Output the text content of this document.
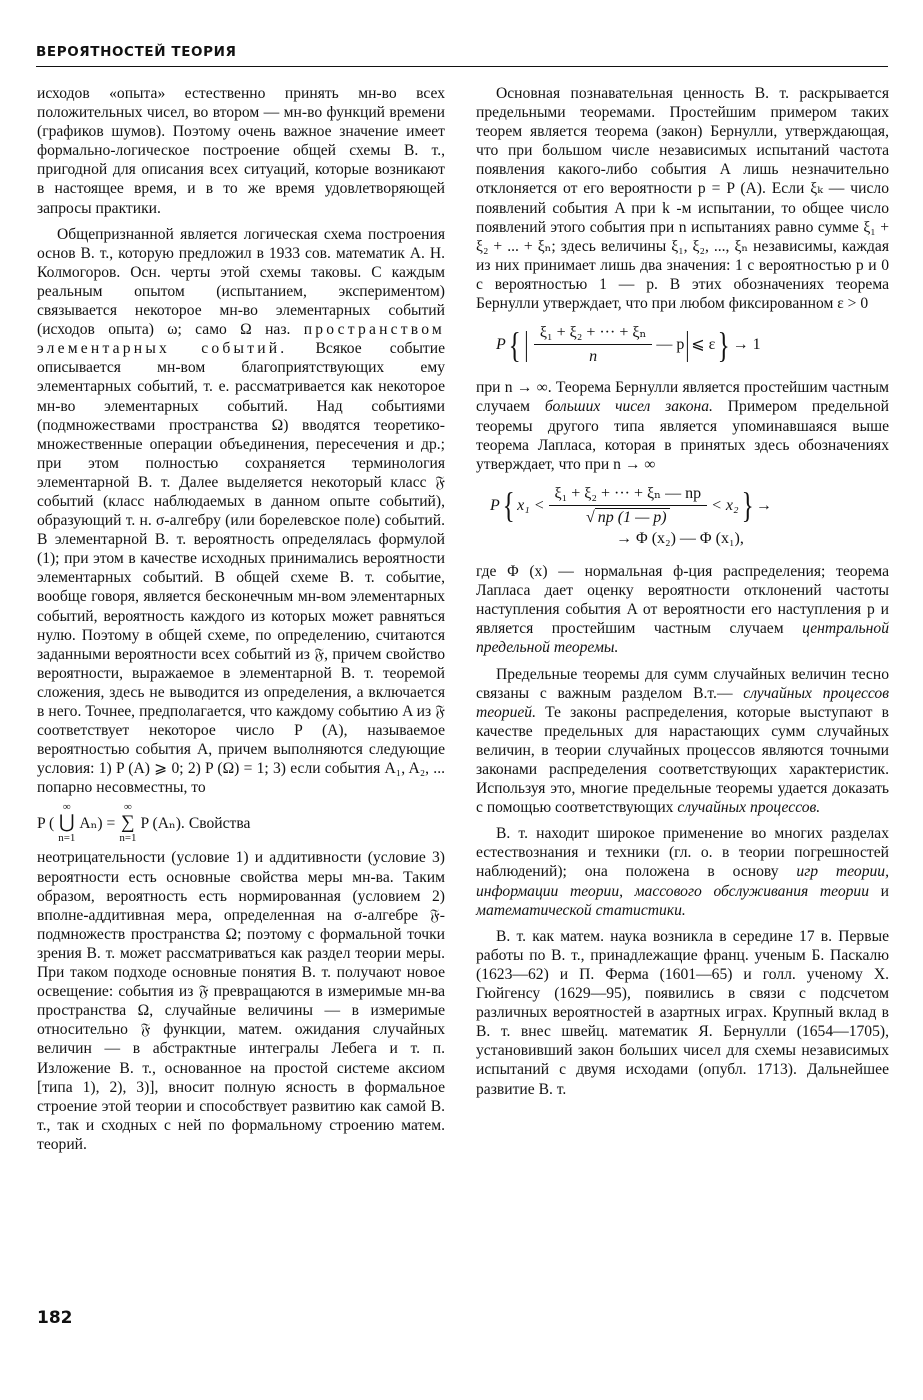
ВЕРОЯТНОСТЕЙ ТЕОРИЯ

исходов «опыта» естественно принять мн-во всех положительных чисел, во втором — мн-во функций времени (графиков шумов). Поэтому очень важное значение имеет формально-логическое построение общей схемы В. т., пригодной для описания всех ситуаций, которые возникают в настоящее время, и в то же время удовлетворяющей запросы практики.

Общепризнанной является логическая схема построения основ В. т., которую предложил в 1933 сов. математик А. Н. Колмогоров. Осн. черты этой схемы таковы. С каждым реальным опытом (испытанием, экспериментом) связывается некоторое мн-во элементарных событий (исходов опыта) ω; само Ω наз. пространством элементарных событий. Всякое событие описывается мн-вом благоприятствующих ему элементарных событий, т. е. рассматривается как некоторое мн-во элементарных событий. Над событиями (подмножествами пространства Ω) вводятся теоретико-множественные операции объединения, пересечения и др.; при этом полностью сохраняется терминология элементарной В. т. Далее выделяется некоторый класс 𝔉 событий (класс наблюдаемых в данном опыте событий), образующий т. н. σ-алгебру (или борелевское поле) событий. В элементарной В. т. вероятность определялась формулой (1); при этом в качестве исходных принимались вероятности элементарных событий. В общей схеме В. т. событие, вообще говоря, является бесконечным мн-вом элементарных событий, вероятность каждого из которых может равняться нулю. Поэтому в общей схеме, по определению, считаются заданными вероятности всех событий из 𝔉, причем свойство вероятности, выражаемое в элементарной В. т. теоремой сложения, здесь не выводится из определения, а включается в него. Точнее, предполагается, что каждому событию A из 𝔉 соответствует некоторое число P (A), называемое вероятностью события A, причем выполняются следующие условия: 1) P (A) ⩾ 0; 2) P (Ω) = 1; 3) если события A₁, A₂, ... попарно несовместны, то

P (
∞
⋃
n=1
Aₙ) =
∞
∑
n=1
P (Aₙ). Свойства

неотрицательности (условие 1) и аддитивности (условие 3) вероятности есть основные свойства меры мн-ва. Таким образом, вероятность есть нормированная (условием 2) вполне-аддитивная мера, определенная на σ-алгебре 𝔉-подмножеств пространства Ω; поэтому с формальной точки зрения В. т. может рассматриваться как раздел теории меры. При таком подходе основные понятия В. т. получают новое освещение: события из 𝔉 превращаются в измеримые мн-ва пространства Ω, случайные величины — в измеримые относительно 𝔉 функции, матем. ожидания случайных величин — в абстрактные интегралы Лебега и т. п. Изложение В. т., основанное на простой системе аксиом [типа 1), 2), 3)], вносит полную ясность в формальное строение этой теории и способствует развитию как самой В. т., так и сходных с ней по формальному строению матем. теорий.

Основная познавательная ценность В. т. раскрывается предельными теоремами. Простейшим примером таких теорем является теорема (закон) Бернулли, утверждающая, что при большом числе независимых испытаний частота появления какого-либо события A лишь незначительно отклоняется от его вероятности p = P (A). Если ξₖ — число появлений события A при k -м испытании, то общее число появлений этого события при n испытаниях равно сумме ξ₁ + ξ₂ + ... + ξₙ; здесь величины ξ₁, ξ₂, ..., ξₙ независимы, каждая из них принимает лишь два значения: 1 с вероятностью p и 0 с вероятностью 1 — p. В этих обозначениях теорема Бернулли утверждает, что при любом фиксированном ε > 0

P { | $\frac{\text{ξ₁ + ξ₂ + ··· + ξₙ}}{n}$ — p | ⩽ ε } → 1

при n → ∞. Теорема Бернулли является простейшим частным случаем больших чисел закона. Примером предельной теоремы другого типа является упоминавшаяся выше теорема Лапласа, которая в принятых здесь обозначениях утверждает, что при n → ∞

P { $x_1 < \frac{\text{ξ₁ + ξ₂ + ··· + ξₙ — np}}{√ np (1 — p)} < x_2$ } →
→ Φ (x₂) — Φ (x₁),

где Φ (x) — нормальная ф-ция распределения; теорема Лапласа дает оценку вероятности отклонений частоты наступления события A от вероятности его наступления p и является простейшим частным случаем центральной предельной теоремы.

Предельные теоремы для сумм случайных величин тесно связаны с важным разделом В.т.— случайных процессов теорией. Те законы распределения, которые выступают в качестве предельных для нарастающих сумм случайных величин, в теории случайных процессов являются точными законами распределения соответствующих характеристик. Используя это, многие предельные теоремы удается доказать с помощью соответствующих случайных процессов.

В. т. находит широкое применение во многих разделах естествознания и техники (гл. о. в теории погрешностей наблюдений); она положена в основу игр теории, информации теории, массового обслуживания теории и математической статистики.

В. т. как матем. наука возникла в середине 17 в. Первые работы по В. т., принадлежащие франц. ученым Б. Паскалю (1623—62) и П. Ферма (1601—65) и голл. ученому Х. Гюйгенсу (1629—95), появились в связи с подсчетом различных вероятностей в азартных играх. Крупный вклад в В. т. внес швейц. математик Я. Бернулли (1654—1705), установивший закон больших чисел для схемы независимых испытаний с двумя исходами (опубл. 1713). Дальнейшее развитие В. т.

182
